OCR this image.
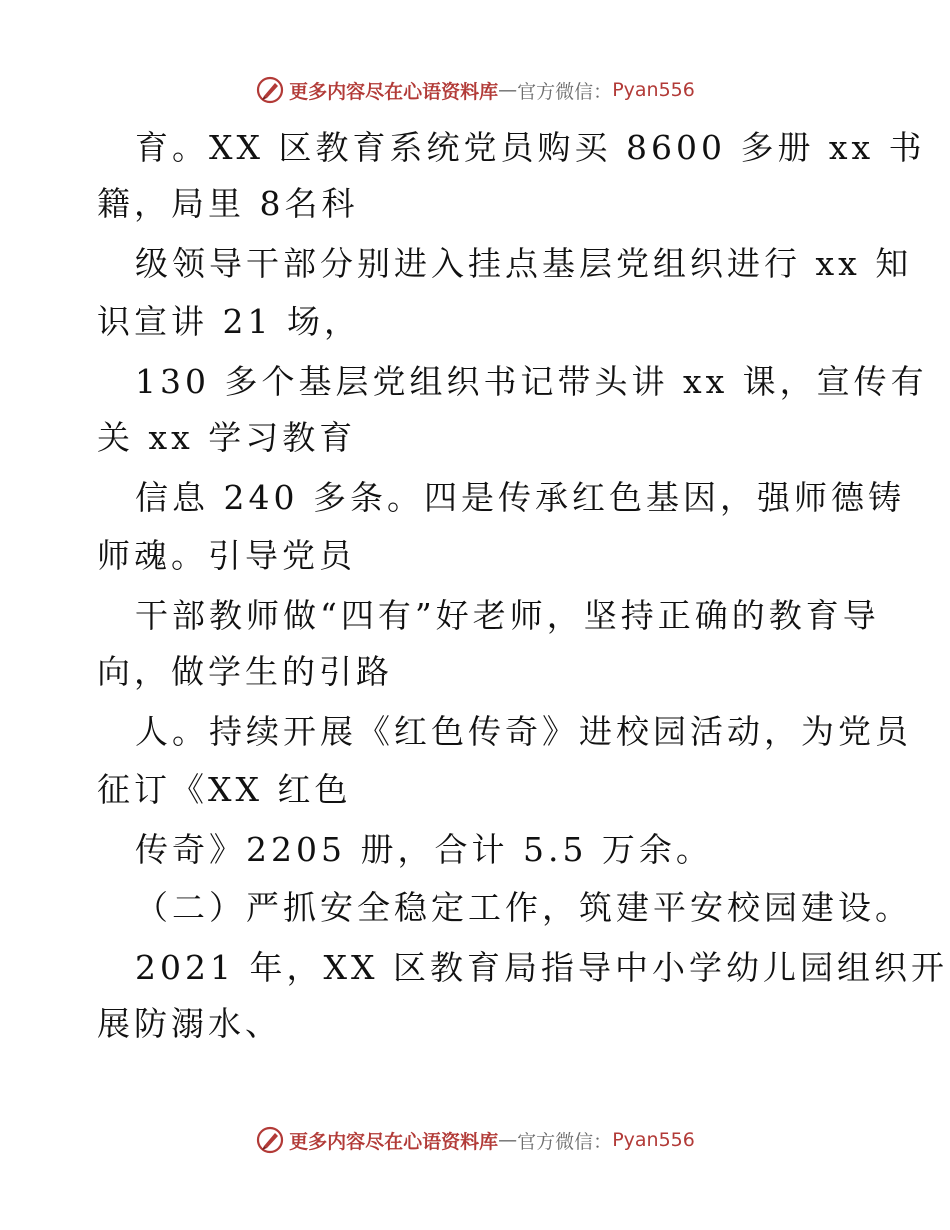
更多内容尽在心语资料库 — 官方微信： Pyan556
育。XX 区教育系统党员购买 8600 多册 xx 书
籍，局里 8名科
级领导干部分别进入挂点基层党组织进行 xx 知
识宣讲 21 场，
130 多个基层党组织书记带头讲 xx 课，宣传有
关 xx 学习教育
信息 240 多条。四是传承红色基因，强师德铸
师魂。引导党员
干部教师做“四有”好老师，坚持正确的教育导
向，做学生的引路
人。持续开展《红色传奇》进校园活动，为党员
征订《XX 红色
传奇》2205 册，合计 5.5 万余。
（二）严抓安全稳定工作，筑建平安校园建设。
2021 年，XX 区教育局指导中小学幼儿园组织开
展防溺水、
更多内容尽在心语资料库 — 官方微信： Pyan556
